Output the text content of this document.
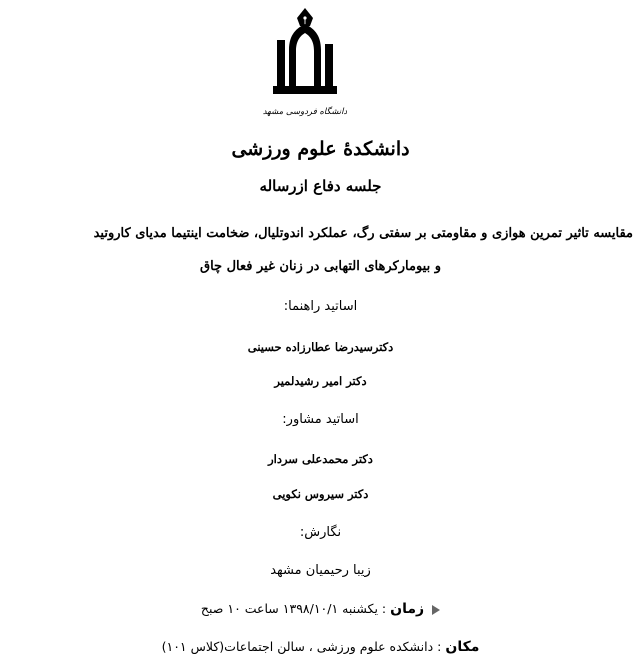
دانشگاه فردوسی مشهد
دانشکدهٔ علوم ورزشی
جلسه دفاع ازرساله
مقایسه تاثیر تمرین هوازی و مقاومتی بر سفتی رگ، عملکرد اندوتلیال، ضخامت اینتیما مدیای کاروتید
و بیومارکرهای التهابی در زنان غیر فعال چاق
اساتید راهنما:
دکترسیدرضا عطارزاده حسینی
دکتر امیر رشیدلمیر
اساتید مشاور:
دکتر محمدعلی سردار
دکتر سیروس نکویی
نگارش:
زیبا رحیمیان مشهد
زمان : یکشنبه ۱۳۹۸/۱۰/۱ ساعت ۱۰ صبح
مکان : دانشکده علوم ورزشی ، سالن اجتماعات(کلاس ۱۰۱)
